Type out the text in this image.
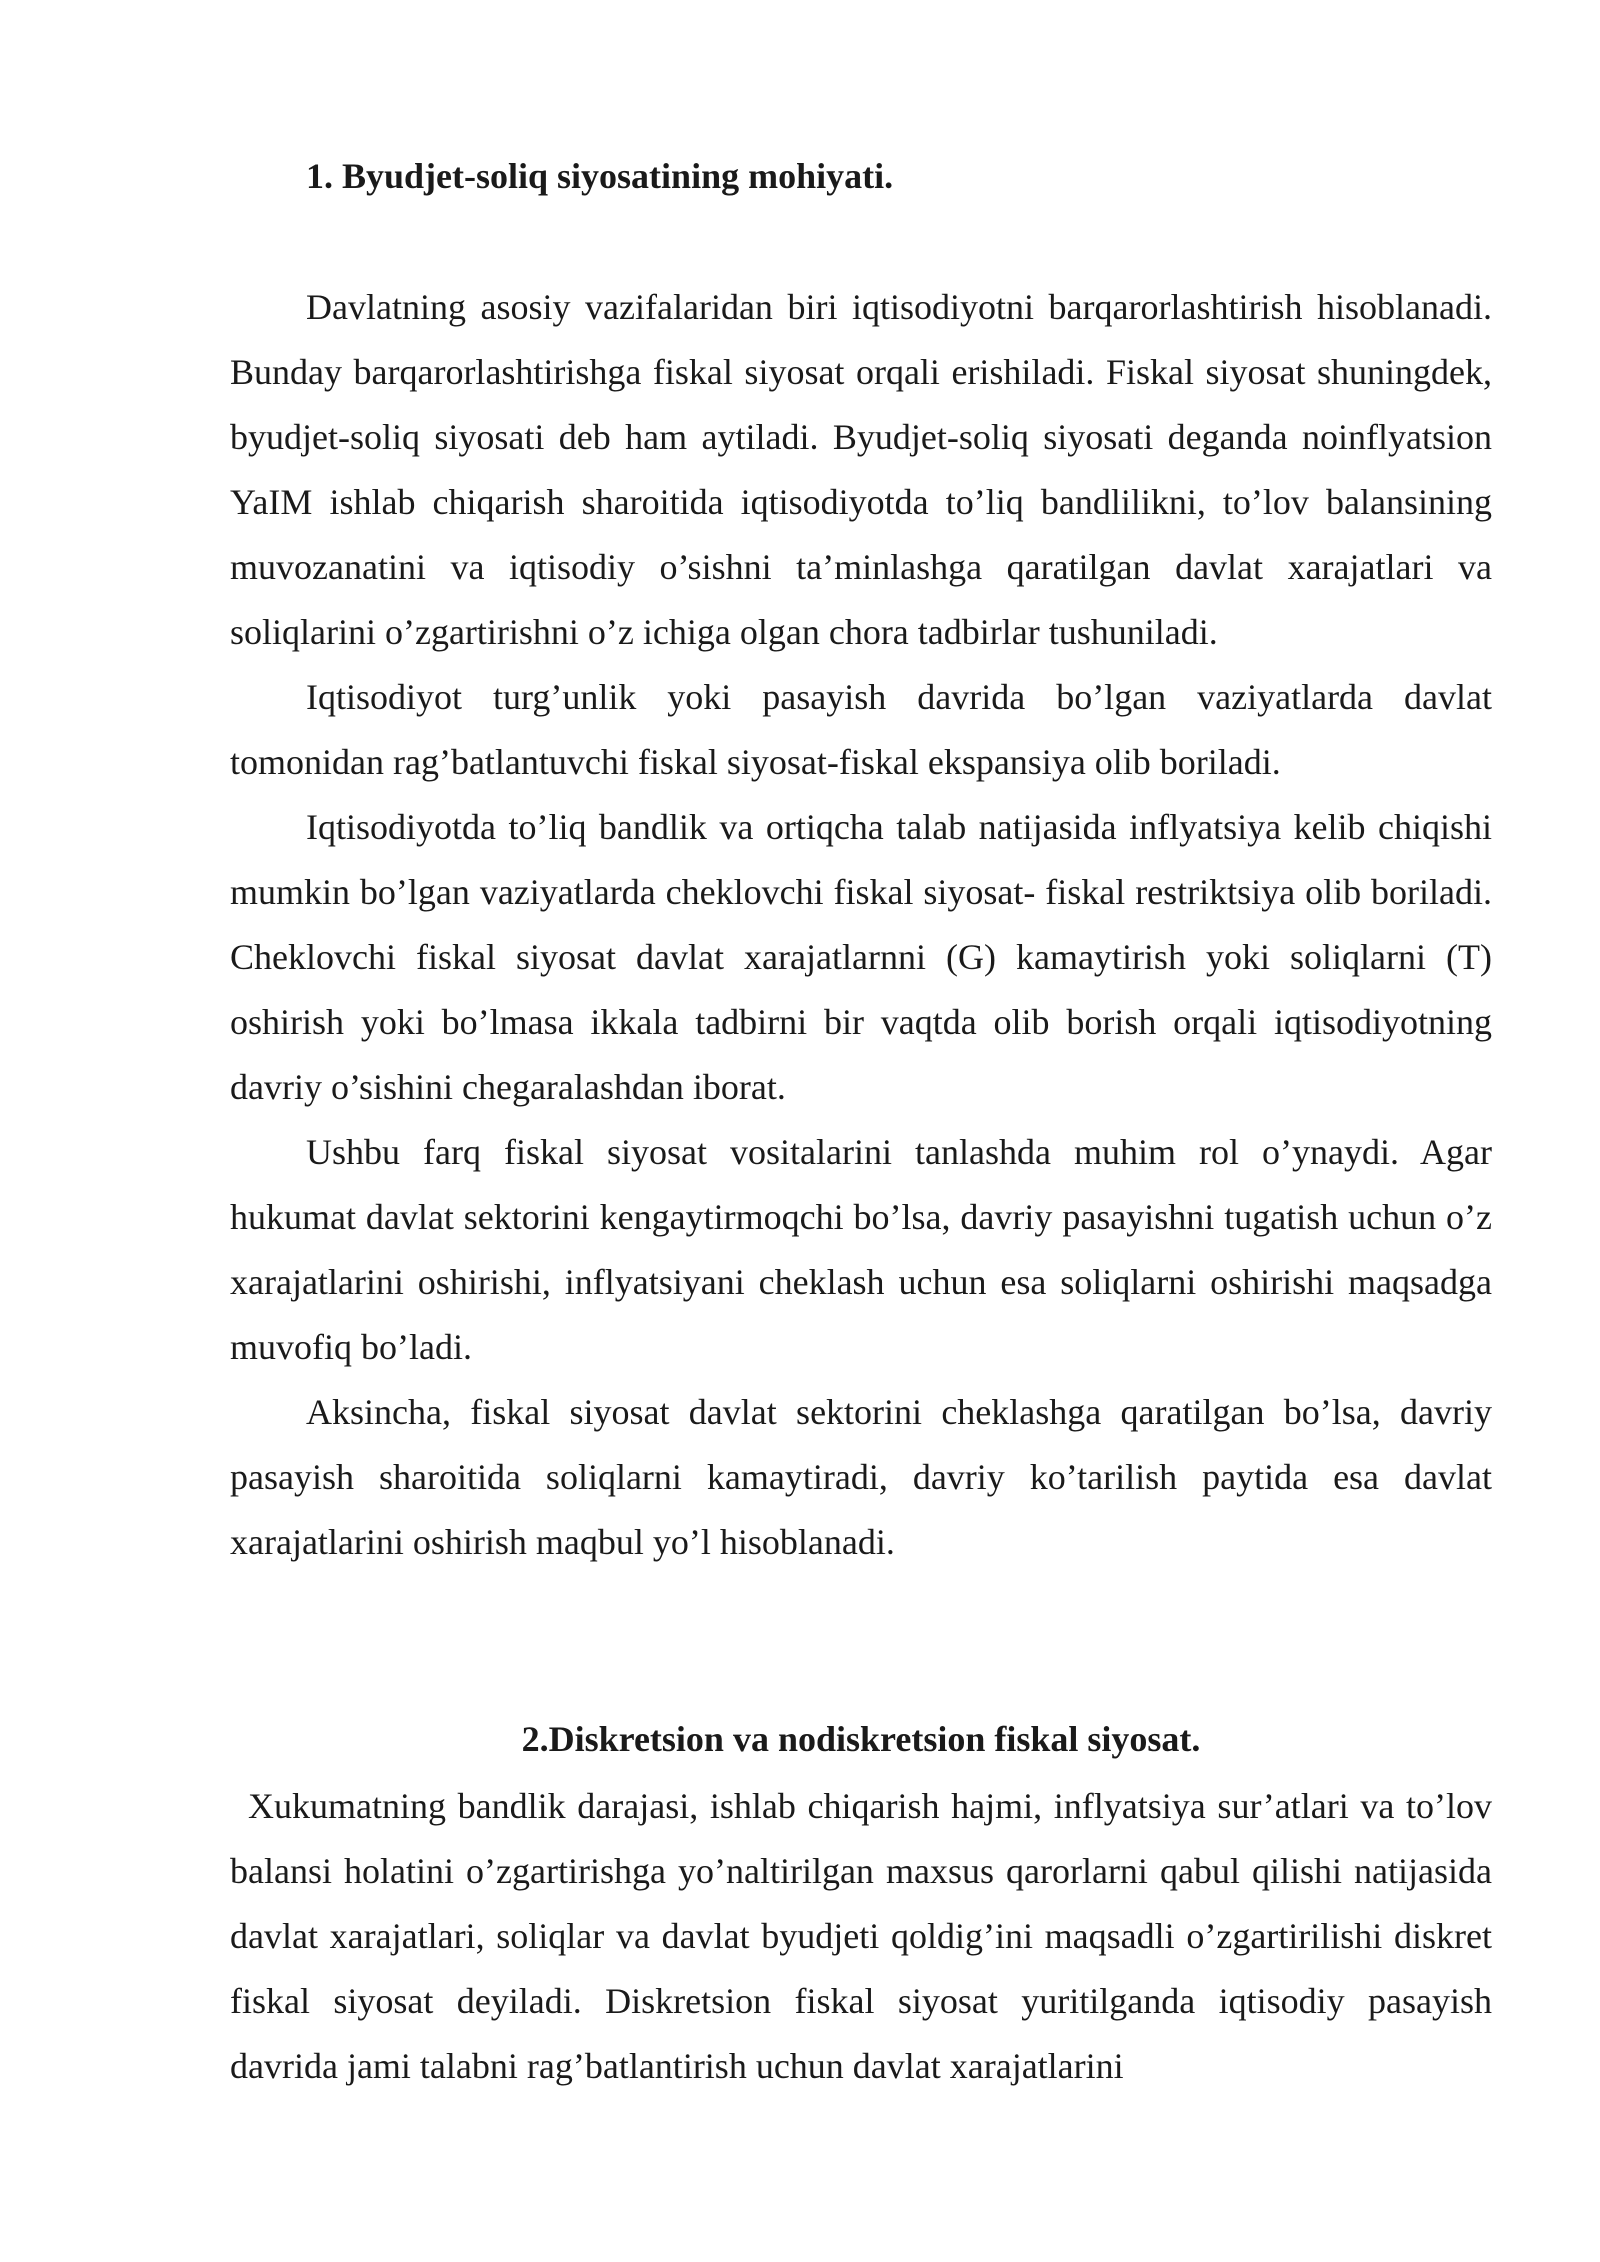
1. Byudjet-soliq siyosatining mohiyati.

Davlatning asosiy vazifalaridan biri iqtisodiyotni barqarorlashtirish hisoblanadi. Bunday barqarorlashtirishga fiskal siyosat orqali erishiladi. Fiskal siyosat shuningdek, byudjet-soliq siyosati deb ham aytiladi. Byudjet-soliq siyosati deganda noinflyatsion YaIM ishlab chiqarish sharoitida iqtisodiyotda to’liq bandlilikni, to’lov balansining muvozanatini va iqtisodiy o’sishni ta’minlashga qaratilgan davlat xarajatlari va soliqlarini o’zgartirishni o’z ichiga olgan chora tadbirlar tushuniladi.

Iqtisodiyot turg’unlik yoki pasayish davrida bo’lgan vaziyatlarda davlat tomonidan rag’batlantuvchi fiskal siyosat-fiskal ekspansiya olib boriladi.

Iqtisodiyotda to’liq bandlik va ortiqcha talab natijasida inflyatsiya kelib chiqishi mumkin bo’lgan vaziyatlarda cheklovchi fiskal siyosat- fiskal restriktsiya olib boriladi. Cheklovchi fiskal siyosat davlat xarajatlarnni (G) kamaytirish yoki soliqlarni (T) oshirish yoki bo’lmasa ikkala tadbirni bir vaqtda olib borish orqali iqtisodiyotning davriy o’sishini chegaralashdan iborat.

Ushbu farq fiskal siyosat vositalarini tanlashda muhim rol o’ynaydi. Agar hukumat davlat sektorini kengaytirmoqchi bo’lsa, davriy pasayishni tugatish uchun o’z xarajatlarini oshirishi, inflyatsiyani cheklash uchun esa soliqlarni oshirishi maqsadga muvofiq bo’ladi.

Aksincha, fiskal siyosat davlat sektorini cheklashga qaratilgan bo’lsa, davriy pasayish sharoitida soliqlarni kamaytiradi, davriy ko’tarilish paytida esa davlat xarajatlarini oshirish maqbul yo’l hisoblanadi.

2.Diskretsion va nodiskretsion fiskal siyosat.

Xukumatning bandlik darajasi, ishlab chiqarish hajmi, inflyatsiya sur’atlari va to’lov balansi holatini o’zgartirishga yo’naltirilgan maxsus qarorlarni qabul qilishi natijasida davlat xarajatlari, soliqlar va davlat byudjeti qoldig’ini maqsadli o’zgartirilishi diskret fiskal siyosat deyiladi. Diskretsion fiskal siyosat yuritilganda iqtisodiy pasayish davrida jami talabni rag’batlantirish uchun davlat xarajatlarini
